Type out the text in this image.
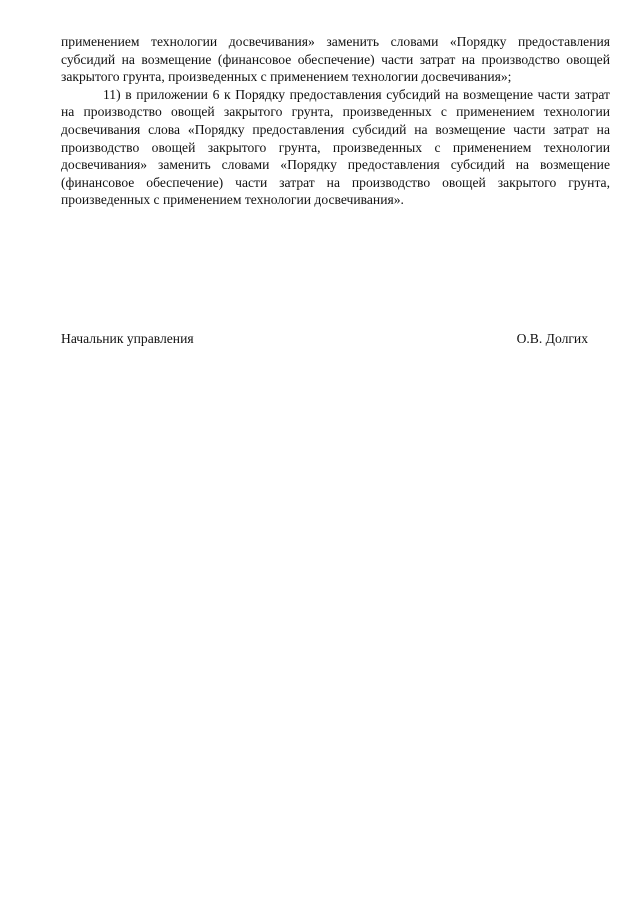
применением технологии досвечивания» заменить словами «Порядку предоставления субсидий на возмещение (финансовое обеспечение) части затрат на производство овощей закрытого грунта, произведенных с применением технологии досвечивания»;

11) в приложении 6 к Порядку предоставления субсидий на возмещение части затрат на производство овощей закрытого грунта, произведенных с применением технологии досвечивания слова «Порядку предоставления субсидий на возмещение части затрат на производство овощей закрытого грунта, произведенных с применением технологии досвечивания» заменить словами «Порядку предоставления субсидий на возмещение (финансовое обеспечение) части затрат на производство овощей закрытого грунта, произведенных с применением технологии досвечивания».

Начальник управления	О.В. Долгих
